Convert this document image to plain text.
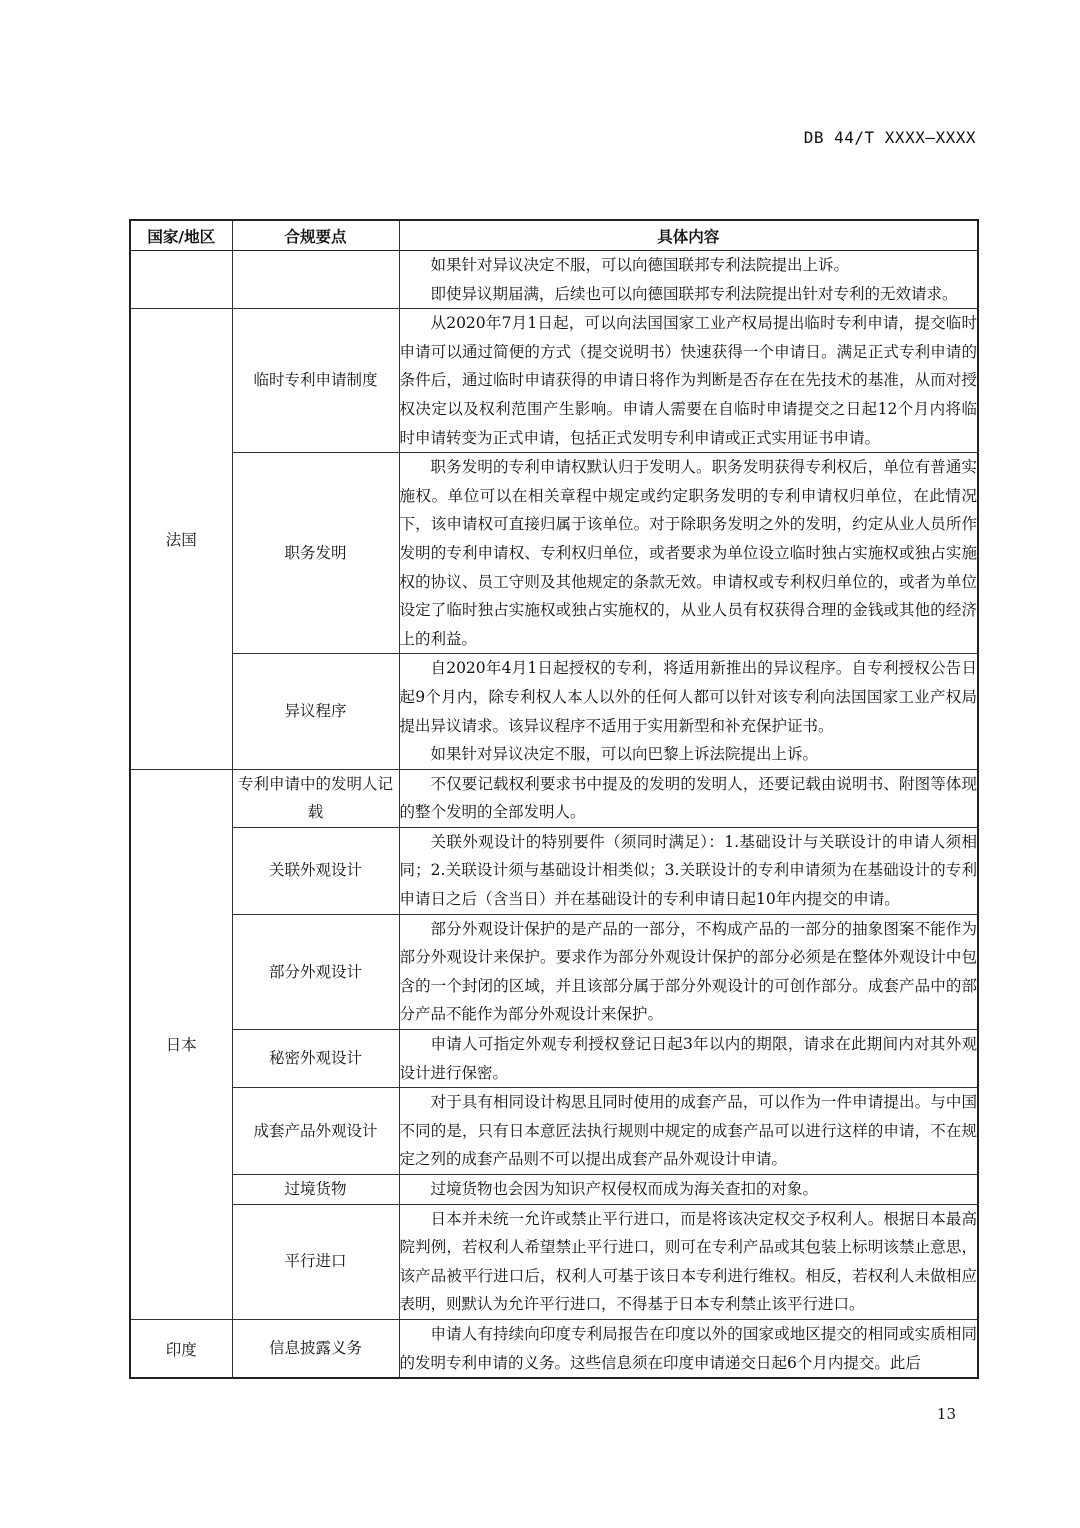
DB 44/T XXXX—XXXX
国家/地区	合规要点	具体内容

		如果针对异议决定不服，可以向德国联邦专利法院提出上诉。

即使异议期届满，后续也可以向德国联邦专利法院提出针对专利的无效请求。

法国	临时专利申请制度	从2020年7月1日起，可以向法国国家工业产权局提出临时专利申请，提交临时申请可以通过简便的方式（提交说明书）快速获得一个申请日。满足正式专利申请的条件后，通过临时申请获得的申请日将作为判断是否存在在先技术的基准，从而对授权决定以及权利范围产生影响。申请人需要在自临时申请提交之日起12个月内将临时申请转变为正式申请，包括正式发明专利申请或正式实用证书申请。

	职务发明	职务发明的专利申请权默认归于发明人。职务发明获得专利权后，单位有普通实施权。单位可以在相关章程中规定或约定职务发明的专利申请权归单位，在此情况下，该申请权可直接归属于该单位。对于除职务发明之外的发明，约定从业人员所作发明的专利申请权、专利权归单位，或者要求为单位设立临时独占实施权或独占实施权的协议、员工守则及其他规定的条款无效。申请权或专利权归单位的，或者为单位设定了临时独占实施权或独占实施权的，从业人员有权获得合理的金钱或其他的经济上的利益。

	异议程序	自2020年4月1日起授权的专利，将适用新推出的异议程序。自专利授权公告日起9个月内，除专利权人本人以外的任何人都可以针对该专利向法国国家工业产权局提出异议请求。该异议程序不适用于实用新型和补充保护证书。

如果针对异议决定不服，可以向巴黎上诉法院提出上诉。

日本	专利申请中的发明人记载	不仅要记载权利要求书中提及的发明的发明人，还要记载由说明书、附图等体现的整个发明的全部发明人。

	关联外观设计	关联外观设计的特别要件（须同时满足）：1.基础设计与关联设计的申请人须相同；2.关联设计须与基础设计相类似；3.关联设计的专利申请须为在基础设计的专利申请日之后（含当日）并在基础设计的专利申请日起10年内提交的申请。

	部分外观设计	部分外观设计保护的是产品的一部分，不构成产品的一部分的抽象图案不能作为部分外观设计来保护。要求作为部分外观设计保护的部分必须是在整体外观设计中包含的一个封闭的区域，并且该部分属于部分外观设计的可创作部分。成套产品中的部分产品不能作为部分外观设计来保护。

	秘密外观设计	申请人可指定外观专利授权登记日起3年以内的期限，请求在此期间内对其外观设计进行保密。

	成套产品外观设计	对于具有相同设计构思且同时使用的成套产品，可以作为一件申请提出。与中国不同的是，只有日本意匠法执行规则中规定的成套产品可以进行这样的申请，不在规定之列的成套产品则不可以提出成套产品外观设计申请。

	过境货物	过境货物也会因为知识产权侵权而成为海关查扣的对象。

	平行进口	日本并未统一允许或禁止平行进口，而是将该决定权交予权利人。根据日本最高院判例，若权利人希望禁止平行进口，则可在专利产品或其包装上标明该禁止意思，该产品被平行进口后，权利人可基于该日本专利进行维权。相反，若权利人未做相应表明，则默认为允许平行进口，不得基于日本专利禁止该平行进口。

印度	信息披露义务	申请人有持续向印度专利局报告在印度以外的国家或地区提交的相同或实质相同的发明专利申请的义务。这些信息须在印度申请递交日起6个月内提交。此后

13
